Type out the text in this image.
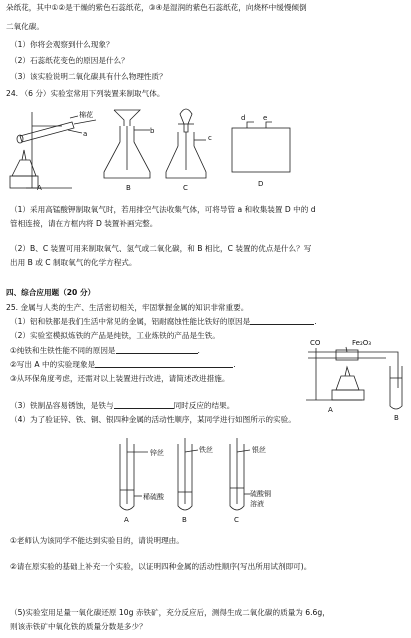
朵纸花，其中①②是干燥的紫色石蕊纸花，③④是湿润的紫色石蕊纸花，向烧杯中缓慢倾倒
二氧化碳。
（1）你将会观察到什么现象？
（2）石蕊纸花变色的原因是什么？
（3）该实验说明二氧化碳具有什么物理性质？
24. （6 分）实验室常用下列装置来制取气体。
棉花
a	b
c
d	e
A	B	C	D
（1）采用高锰酸钾制取氧气时，若用排空气法收集气体，可将导管 a 和收集装置 D 中的 d
管相连接，请在方框内将 D 装置补画完整。
（2）B、C 装置可用来制取氧气、氢气或二氧化碳，和 B 相比，C 装置的优点是什么？写
出用 B 或 C 制取氧气的化学方程式。
四、综合应用题（20 分）
25. 金属与人类的生产、生活密切相关，牢固掌握金属的知识非常重要。
（1）铝和铁都是我们生活中常见的金属，铝耐腐蚀性能比铁好的原因是	.
（2）实验室模拟炼铁的产品是纯铁，工业炼铁的产品是生铁。
①纯铁和生铁性能不同的原因是	.
②写出 A 中的实验现象是	.
③从环保角度考虑，还需对以上装置进行改进，请简述改进措施。
CO	Fe₂O₃
A
B
（3）铁制品容易锈蚀，是铁与	同时反应的结果。
（4）为了验证锌、铁、铜、银四种金属的活动性顺序，某同学进行如图所示的实验。
锌丝	铁丝	银丝
稀硫酸	硫酸铜
溶液
A	B	C
①老师认为该同学不能达到实验目的，请说明理由。
②请在原实验的基础上补充一个实验，以证明四种金属的活动性顺序(写出所用试剂即可)。
（5)实验室用足量一氧化碳还原 10g 赤铁矿，充分反应后，测得生成二氧化碳的质量为 6.6g，
则该赤铁矿中氧化铁的质量分数是多少？
